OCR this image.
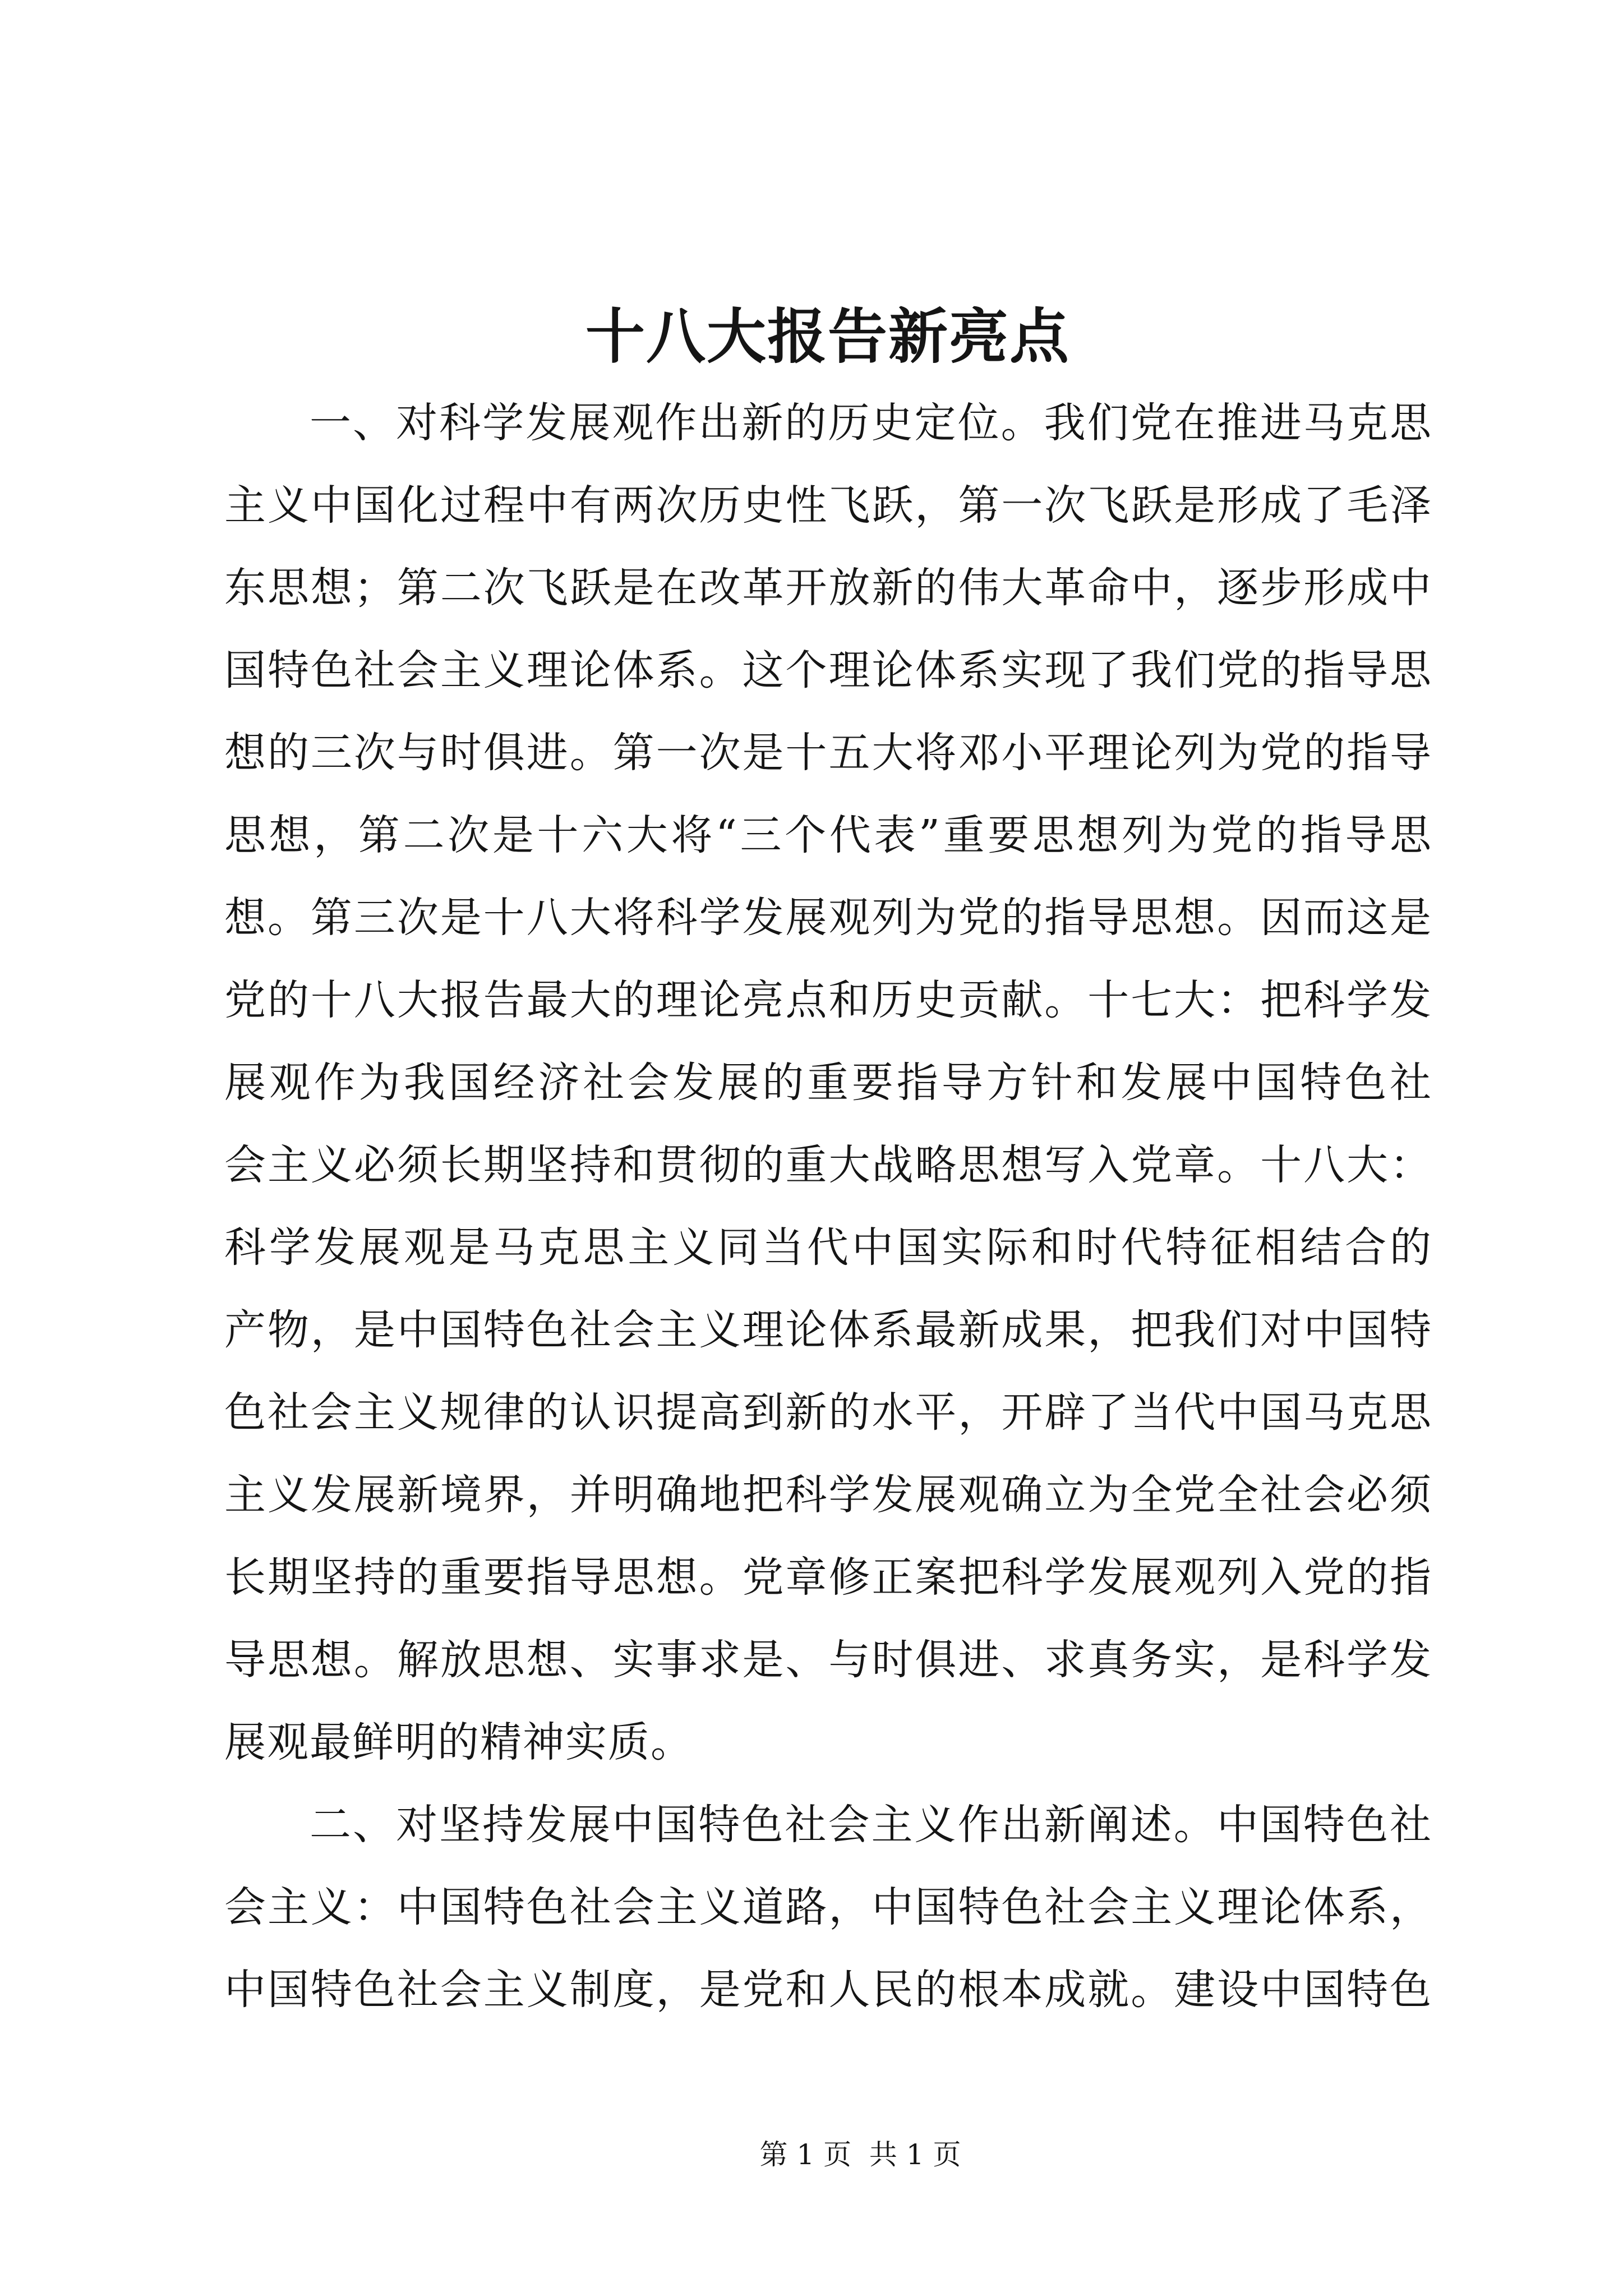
十八大报告新亮点
一、对科学发展观作出新的历史定位。我们党在推进马克思
主义中国化过程中有两次历史性飞跃，第一次飞跃是形成了毛泽
东思想；第二次飞跃是在改革开放新的伟大革命中，逐步形成中
国特色社会主义理论体系。这个理论体系实现了我们党的指导思
想的三次与时俱进。第一次是十五大将邓小平理论列为党的指导
思想，第二次是十六大将“三个代表”重要思想列为党的指导思
想。第三次是十八大将科学发展观列为党的指导思想。因而这是
党的十八大报告最大的理论亮点和历史贡献。十七大：把科学发
展观作为我国经济社会发展的重要指导方针和发展中国特色社
会主义必须长期坚持和贯彻的重大战略思想写入党章。十八大：
科学发展观是马克思主义同当代中国实际和时代特征相结合的
产物，是中国特色社会主义理论体系最新成果，把我们对中国特
色社会主义规律的认识提高到新的水平，开辟了当代中国马克思
主义发展新境界，并明确地把科学发展观确立为全党全社会必须
长期坚持的重要指导思想。党章修正案把科学发展观列入党的指
导思想。解放思想、实事求是、与时俱进、求真务实，是科学发
展观最鲜明的精神实质。
二、对坚持发展中国特色社会主义作出新阐述。中国特色社
会主义：中国特色社会主义道路，中国特色社会主义理论体系，
中国特色社会主义制度，是党和人民的根本成就。建设中国特色
第 1 页  共 1 页
